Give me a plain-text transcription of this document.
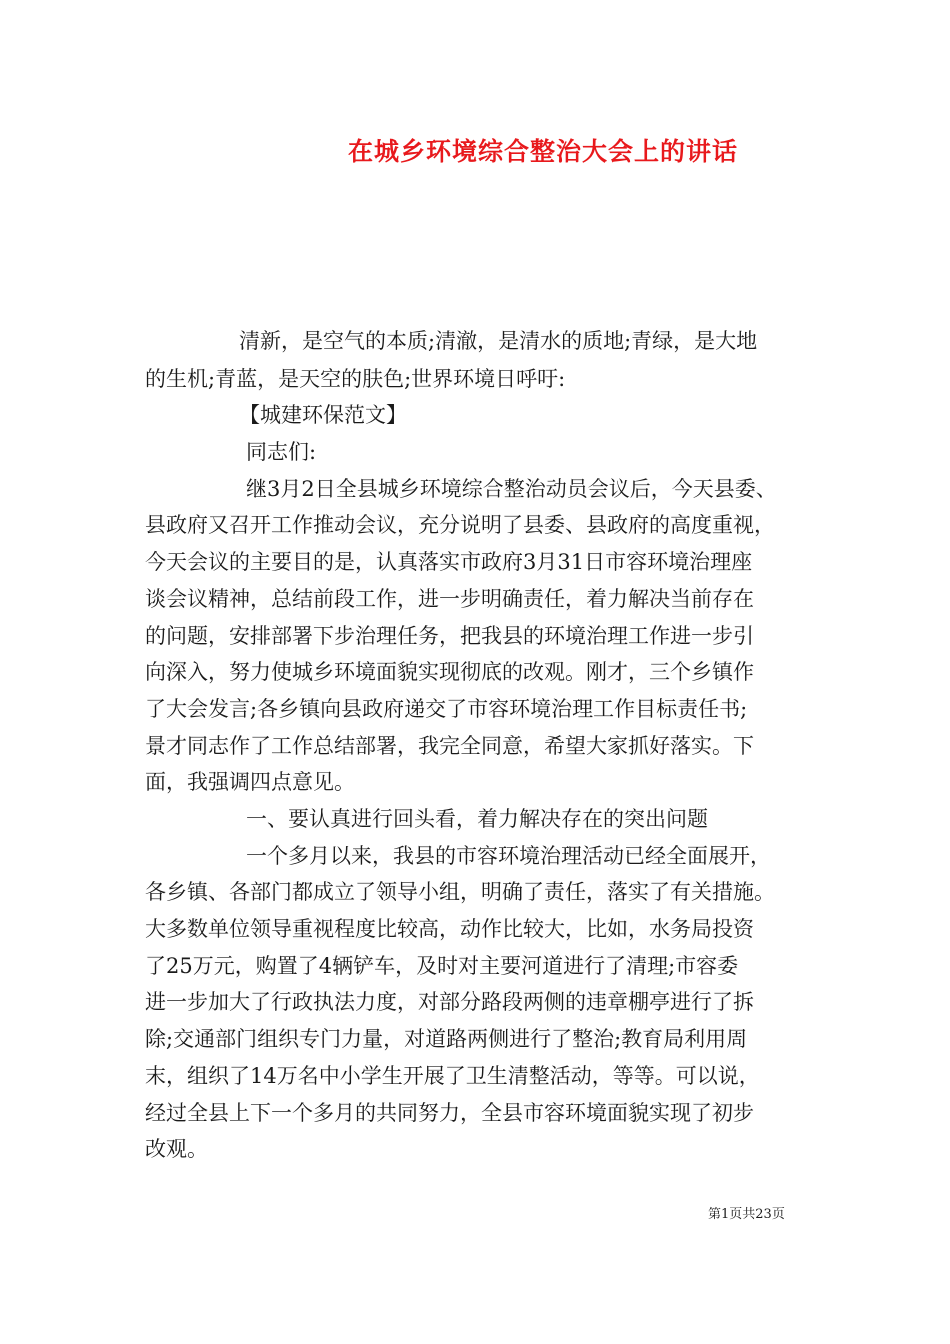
在城乡环境综合整治大会上的讲话
清新，是空气的本质;清澈，是清水的质地;青绿，是大地
的生机;青蓝，是天空的肤色;世界环境日呼吁:
【城建环保范文】
同志们:
继3月2日全县城乡环境综合整治动员会议后，今天县委、
县政府又召开工作推动会议，充分说明了县委、县政府的高度重视，
今天会议的主要目的是，认真落实市政府3月31日市容环境治理座
谈会议精神，总结前段工作，进一步明确责任，着力解决当前存在
的问题，安排部署下步治理任务，把我县的环境治理工作进一步引
向深入，努力使城乡环境面貌实现彻底的改观。刚才，三个乡镇作
了大会发言;各乡镇向县政府递交了市容环境治理工作目标责任书;
景才同志作了工作总结部署，我完全同意，希望大家抓好落实。下
面，我强调四点意见。
一、要认真进行回头看，着力解决存在的突出问题
一个多月以来，我县的市容环境治理活动已经全面展开，
各乡镇、各部门都成立了领导小组，明确了责任，落实了有关措施。
大多数单位领导重视程度比较高，动作比较大，比如，水务局投资
了25万元，购置了4辆铲车，及时对主要河道进行了清理;市容委
进一步加大了行政执法力度，对部分路段两侧的违章棚亭进行了拆
除;交通部门组织专门力量，对道路两侧进行了整治;教育局利用周
末，组织了14万名中小学生开展了卫生清整活动，等等。可以说，
经过全县上下一个多月的共同努力，全县市容环境面貌实现了初步
改观。
第1页共23页
